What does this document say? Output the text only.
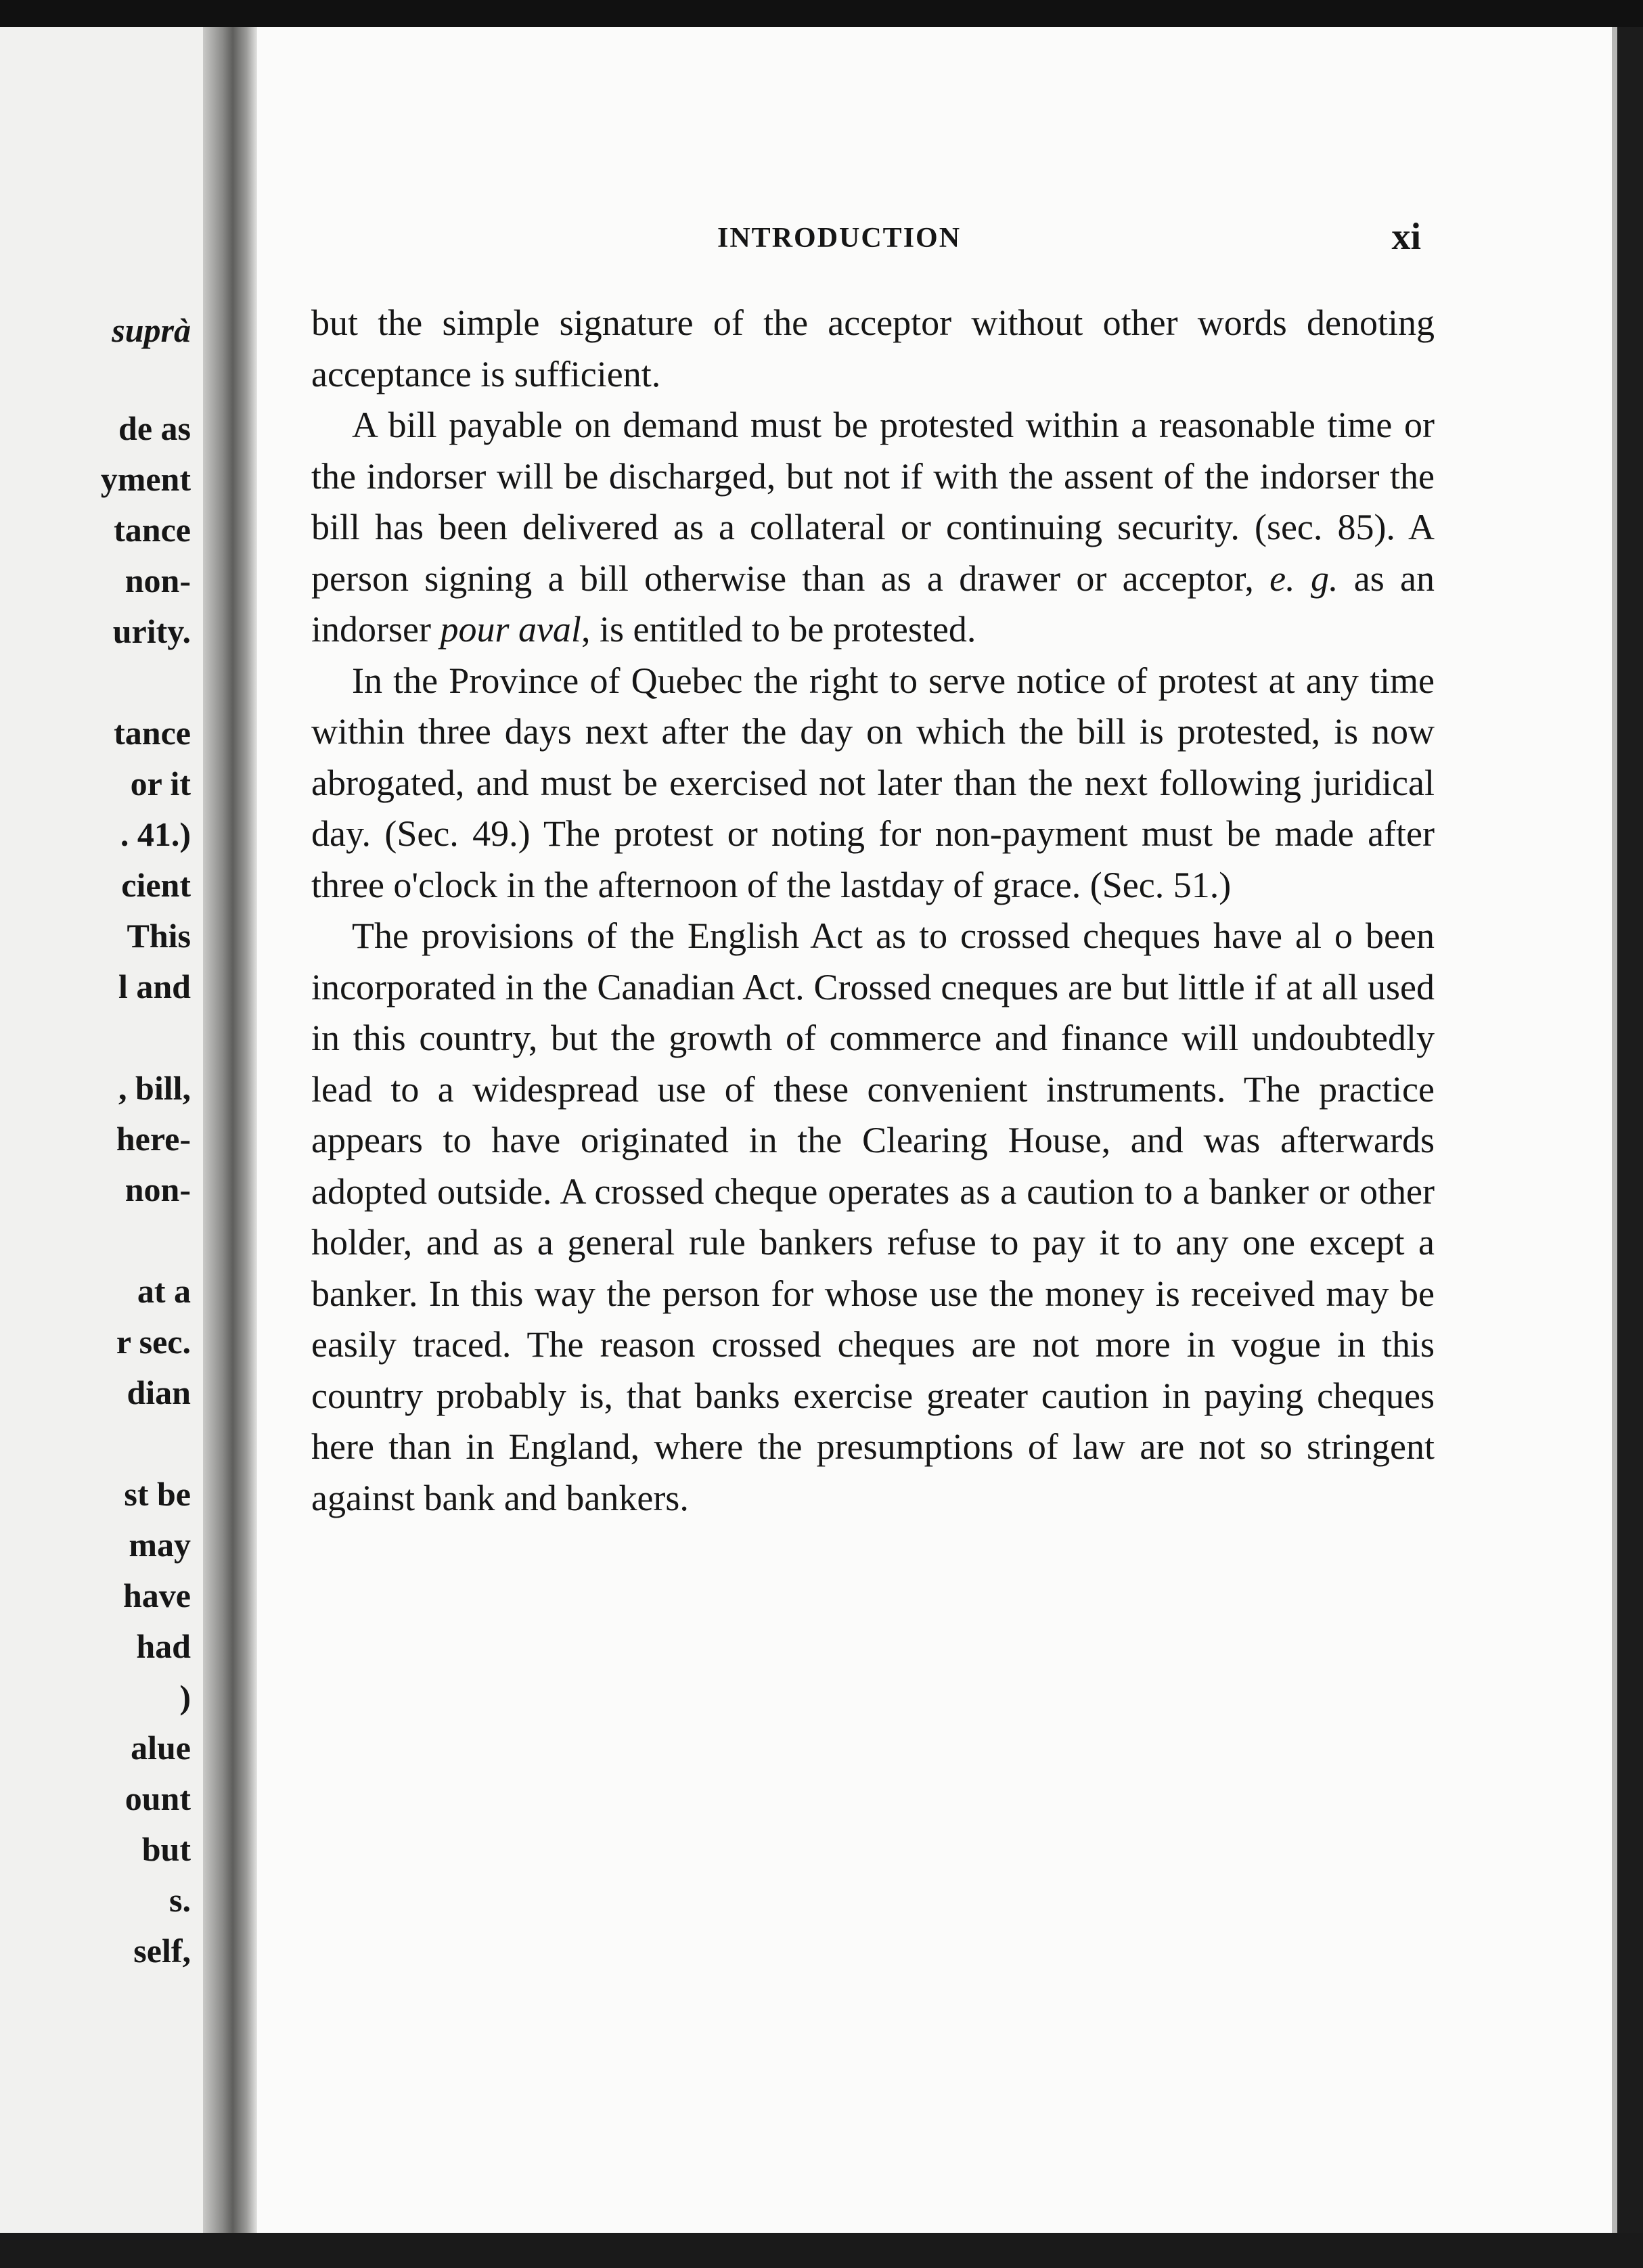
suprà
de as
yment
tance
non-
urity.
tance
or it
. 41.)
cient
This
l and
, bill,
here-
non-
at a
r sec.
dian
st be
may
have
had
)
alue
ount
but
s.
self,
INTRODUCTION	xi

but the simple signature of the acceptor without other words denoting acceptance is sufficient.

A bill payable on demand must be protested within a reasonable time or the indorser will be discharged, but not if with the assent of the indorser the bill has been delivered as a collateral or continuing security. (sec. 85). A person signing a bill otherwise than as a drawer or acceptor, e. g. as an indorser pour aval, is entitled to be protested.

In the Province of Quebec the right to serve notice of protest at any time within three days next after the day on which the bill is protested, is now abrogated, and must be exercised not later than the next following juridical day. (Sec. 49.) The protest or noting for non-payment must be made after three o'clock in the afternoon of the lastday of grace. (Sec. 51.)

The provisions of the English Act as to crossed cheques have al o been incorporated in the Canadian Act. Crossed cneques are but little if at all used in this country, but the growth of commerce and finance will undoubtedly lead to a widespread use of these convenient instruments. The practice appears to have originated in the Clearing House, and was afterwards adopted outside. A crossed cheque operates as a caution to a banker or other holder, and as a general rule bankers refuse to pay it to any one except a banker. In this way the person for whose use the money is received may be easily traced. The reason crossed cheques are not more in vogue in this country probably is, that banks exercise greater caution in paying cheques here than in England, where the presumptions of law are not so stringent against bank and bankers.
